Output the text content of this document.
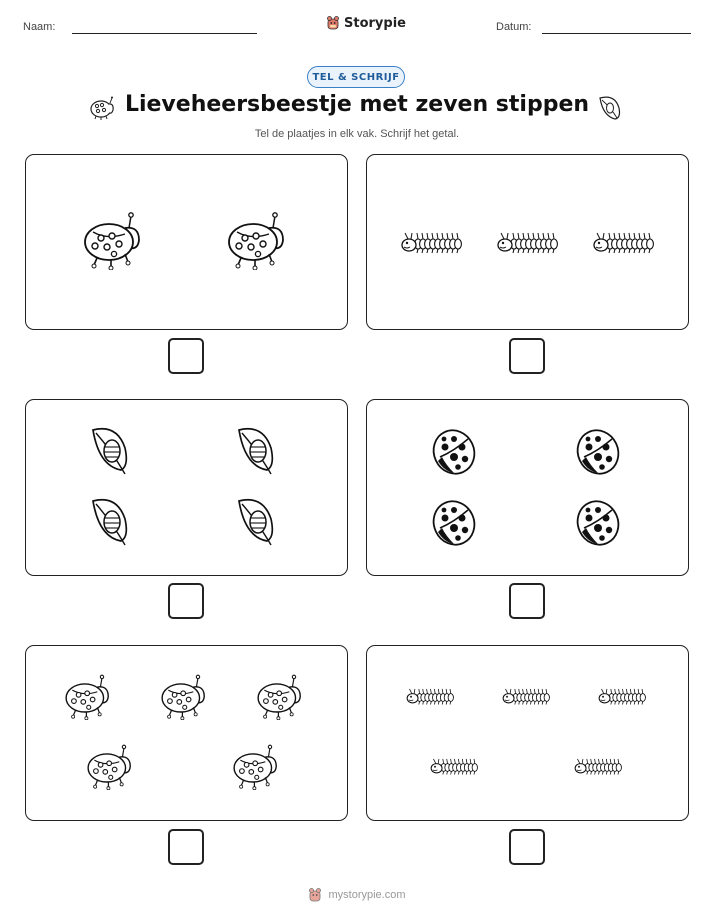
Naam:	Storypie	Datum:
TEL & SCHRIJF
Lieveheersbeestje met zeven stippen
Tel de plaatjes in elk vak. Schrijf het getal.
mystorypie.com
